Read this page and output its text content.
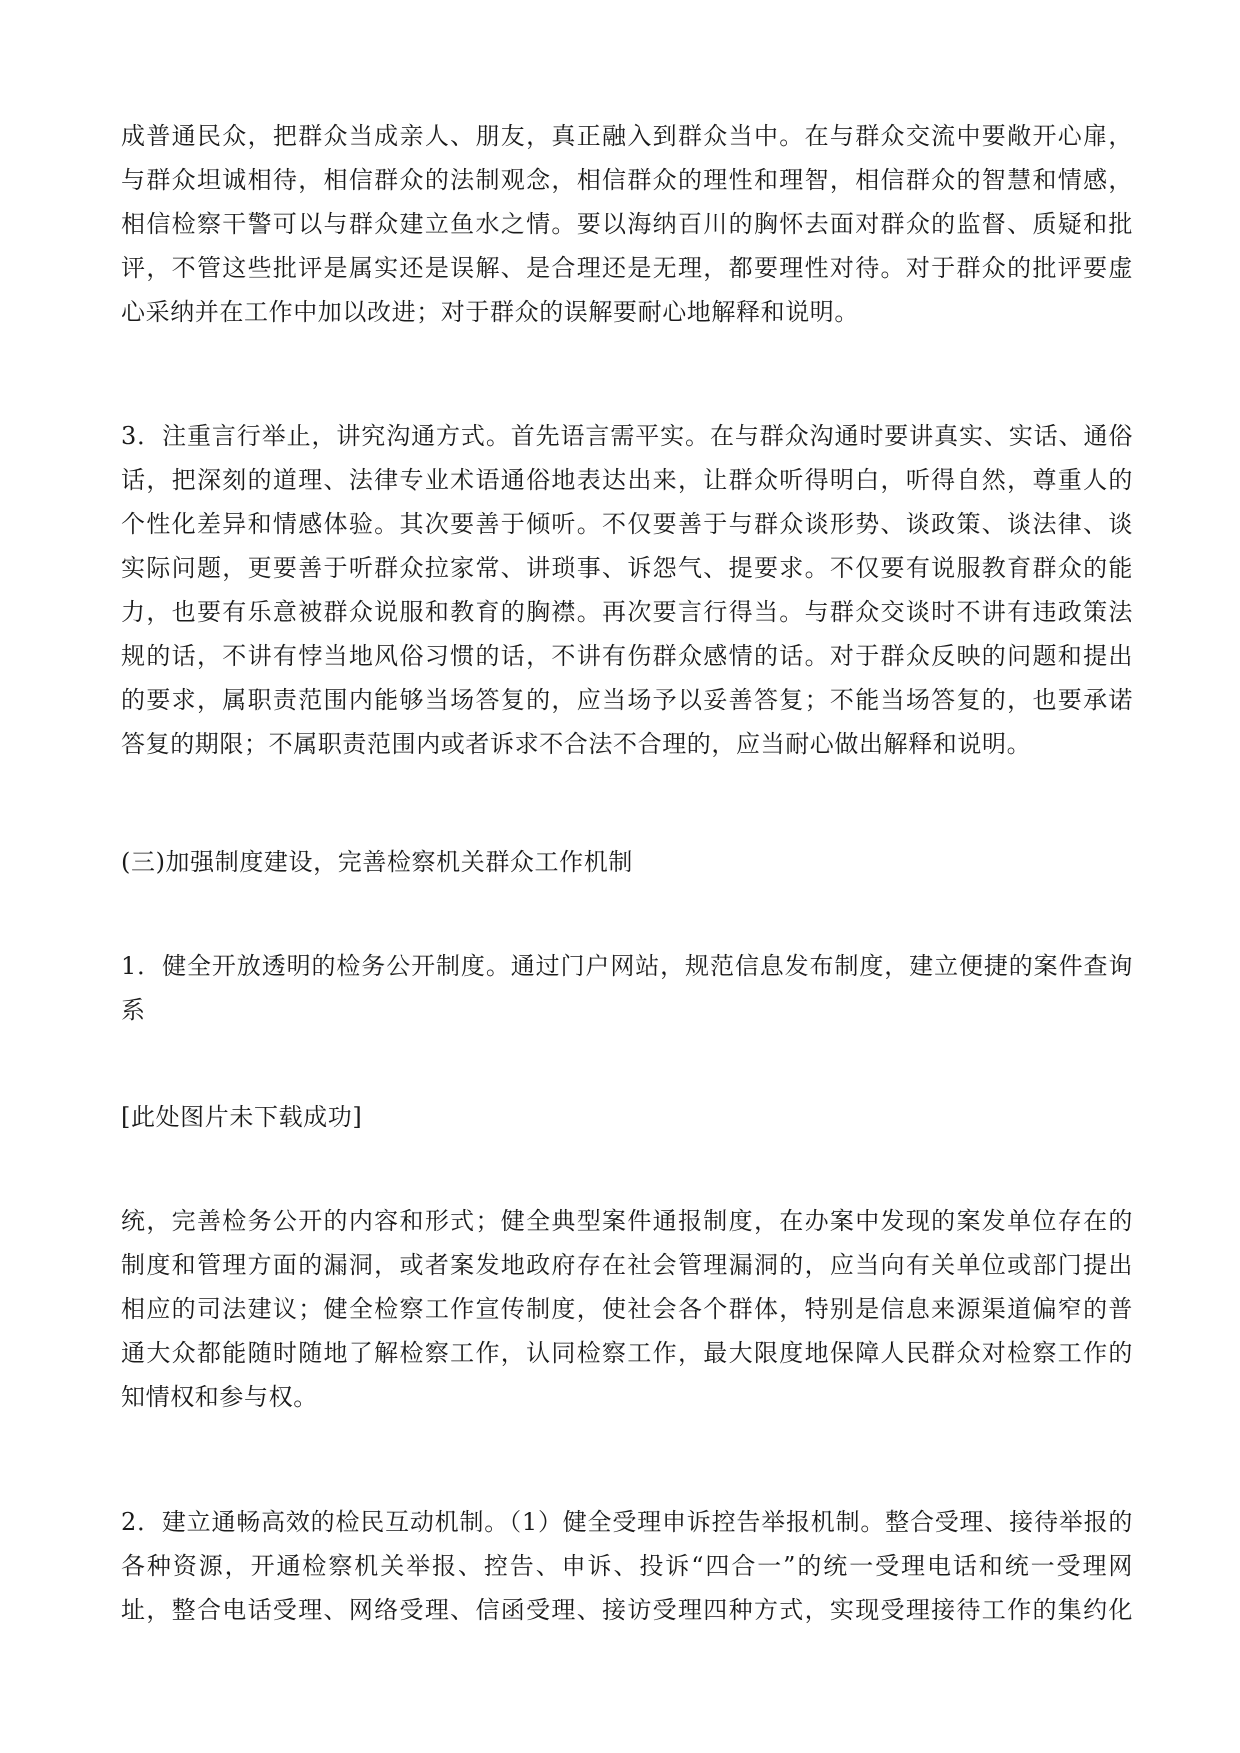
成普通民众，把群众当成亲人、朋友，真正融入到群众当中。在与群众交流中要敞开心扉，
与群众坦诚相待，相信群众的法制观念，相信群众的理性和理智，相信群众的智慧和情感，
相信检察干警可以与群众建立鱼水之情。要以海纳百川的胸怀去面对群众的监督、质疑和批
评，不管这些批评是属实还是误解、是合理还是无理，都要理性对待。对于群众的批评要虚
心采纳并在工作中加以改进；对于群众的误解要耐心地解释和说明。
3．注重言行举止，讲究沟通方式。首先语言需平实。在与群众沟通时要讲真实、实话、通俗
话，把深刻的道理、法律专业术语通俗地表达出来，让群众听得明白，听得自然，尊重人的
个性化差异和情感体验。其次要善于倾听。不仅要善于与群众谈形势、谈政策、谈法律、谈
实际问题，更要善于听群众拉家常、讲琐事、诉怨气、提要求。不仅要有说服教育群众的能
力，也要有乐意被群众说服和教育的胸襟。再次要言行得当。与群众交谈时不讲有违政策法
规的话，不讲有悖当地风俗习惯的话，不讲有伤群众感情的话。对于群众反映的问题和提出
的要求，属职责范围内能够当场答复的，应当场予以妥善答复；不能当场答复的，也要承诺
答复的期限；不属职责范围内或者诉求不合法不合理的，应当耐心做出解释和说明。
(三)加强制度建设，完善检察机关群众工作机制
1．健全开放透明的检务公开制度。通过门户网站，规范信息发布制度，建立便捷的案件查询
系
[此处图片未下载成功]
统，完善检务公开的内容和形式；健全典型案件通报制度，在办案中发现的案发单位存在的
制度和管理方面的漏洞，或者案发地政府存在社会管理漏洞的，应当向有关单位或部门提出
相应的司法建议；健全检察工作宣传制度，使社会各个群体，特别是信息来源渠道偏窄的普
通大众都能随时随地了解检察工作，认同检察工作，最大限度地保障人民群众对检察工作的
知情权和参与权。
2．建立通畅高效的检民互动机制。（1）健全受理申诉控告举报机制。整合受理、接待举报的
各种资源，开通检察机关举报、控告、申诉、投诉“四合一”的统一受理电话和统一受理网
址，整合电话受理、网络受理、信函受理、接访受理四种方式，实现受理接待工作的集约化
